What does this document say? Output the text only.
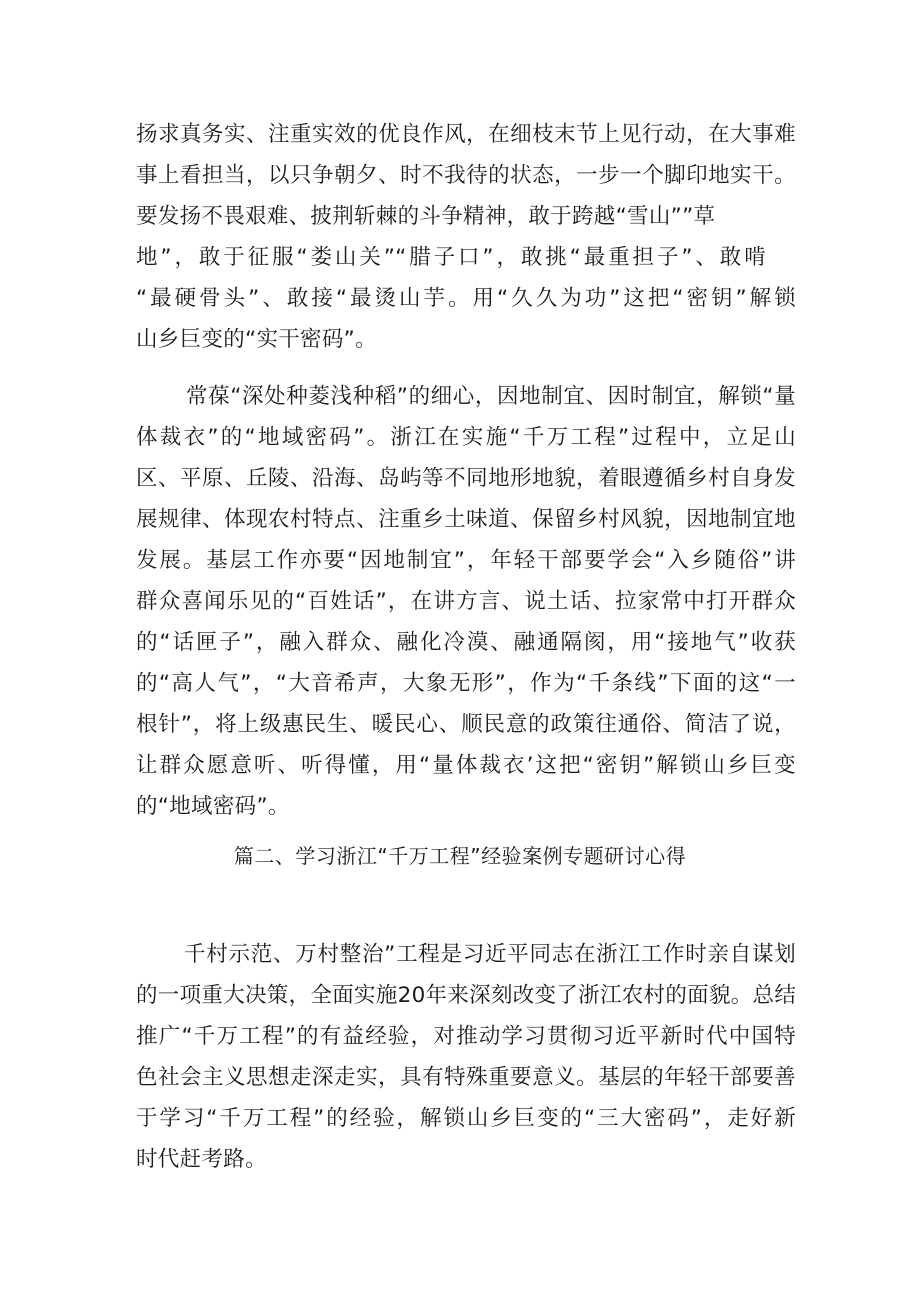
扬求真务实、注重实效的优良作风，在细枝末节上见行动，在大事难
事上看担当，以只争朝夕、时不我待的状态，一步一个脚印地实干。
要发扬不畏艰难、披荆斩棘的斗争精神，敢于跨越“雪山””草
地”，敢于征服“娄山关”“腊子口”，敢挑“最重担子”、敢啃
“最硬骨头”、敢接“最烫山芋。用“久久为功”这把“密钥”解锁
山乡巨变的“实干密码”。
常葆“深处种菱浅种稻”的细心，因地制宜、因时制宜，解锁“量
体裁衣”的“地域密码”。浙江在实施“千万工程”过程中，立足山
区、平原、丘陵、沿海、岛屿等不同地形地貌，着眼遵循乡村自身发
展规律、体现农村特点、注重乡土味道、保留乡村风貌，因地制宜地
发展。基层工作亦要“因地制宜”，年轻干部要学会“入乡随俗”讲
群众喜闻乐见的“百姓话”，在讲方言、说土话、拉家常中打开群众
的“话匣子”，融入群众、融化冷漠、融通隔阂，用“接地气”收获
的“高人气”，“大音希声，大象无形”，作为“千条线”下面的这“一
根针”，将上级惠民生、暖民心、顺民意的政策往通俗、简洁了说，
让群众愿意听、听得懂，用“量体裁衣’这把“密钥”解锁山乡巨变
的“地域密码”。
篇二、学习浙江“千万工程”经验案例专题研讨心得
千村示范、万村整治”工程是习近平同志在浙江工作时亲自谋划
的一项重大决策，全面实施20年来深刻改变了浙江农村的面貌。总结
推广“千万工程”的有益经验，对推动学习贯彻习近平新时代中国特
色社会主义思想走深走实，具有特殊重要意义。基层的年轻干部要善
于学习“千万工程”的经验，解锁山乡巨变的“三大密码”，走好新
时代赶考路。
